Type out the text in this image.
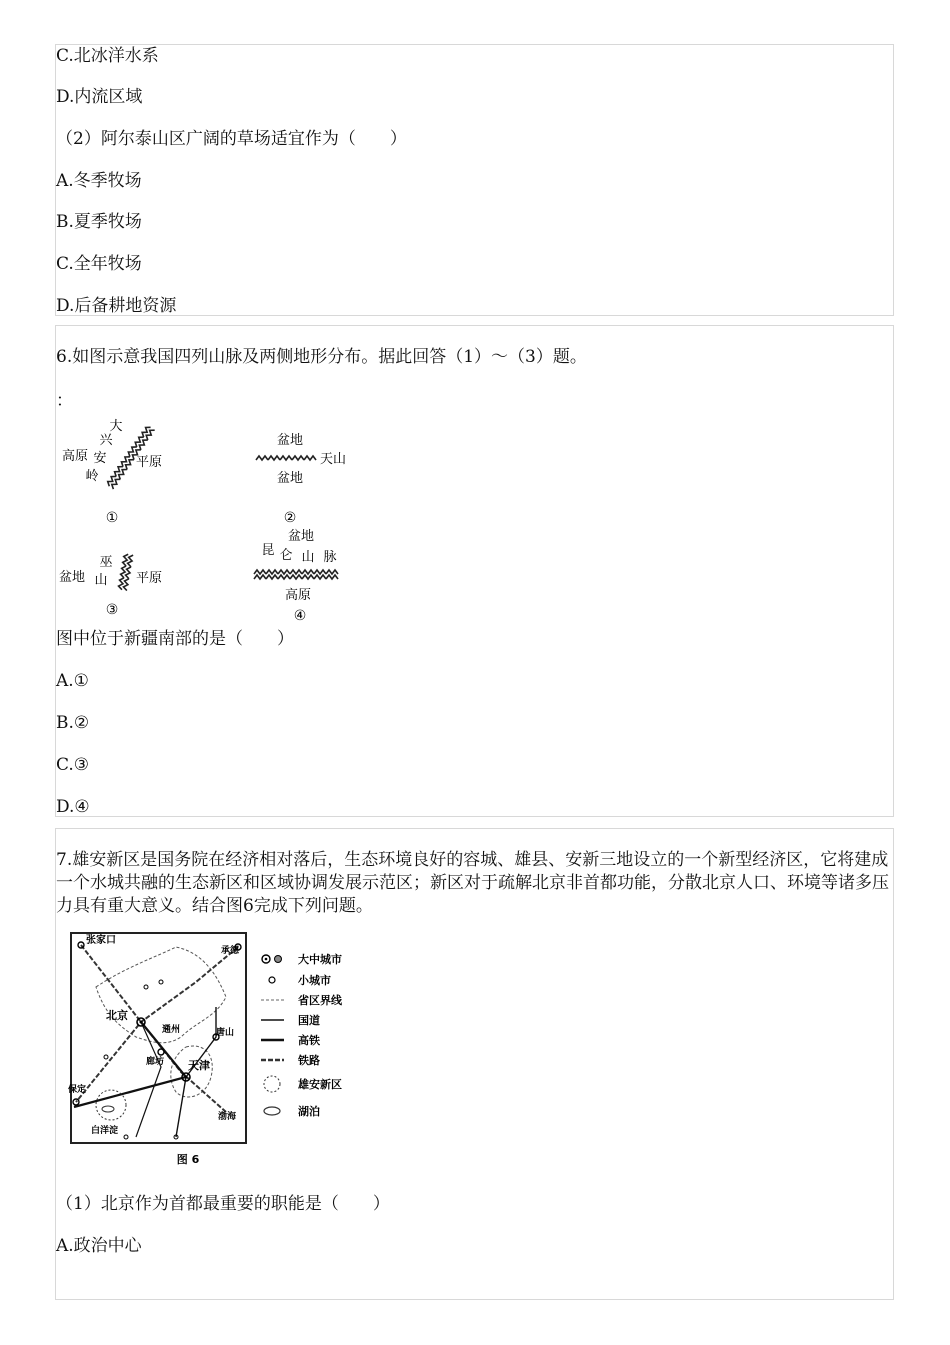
C.北冰洋水系
D.内流区域
（2）阿尔泰山区广阔的草场适宜作为（　　）
A.冬季牧场
B.夏季牧场
C.全年牧场
D.后备耕地资源
6.如图示意我国四列山脉及两侧地形分布。据此回答（1）～（3）题。
：
大
高原
兴
安
岭
平原
①
盆地
天山
盆地
②
盆地
巫
山 平原
③
盆地
昆 仑 山 脉
高原
④
图中位于新疆南部的是（　　）
A.①
B.②
C.③
D.④
7.雄安新区是国务院在经济相对落后，生态环境良好的容城、雄县、安新三地设立的一个新型经济区，它将建成一个水城共融的生态新区和区域协调发展示范区；新区对于疏解北京非首都功能，分散北京人口、环境等诸多压力具有重大意义。结合图6完成下列问题。
张家口
承德
北京
通州
廊坊 天津
唐山
保定
白洋淀
渤海
大中城市
小城市
省区界线
国道
高铁
铁路
雄安新区
湖泊
图 6
（1）北京作为首都最重要的职能是（　　）
A.政治中心
